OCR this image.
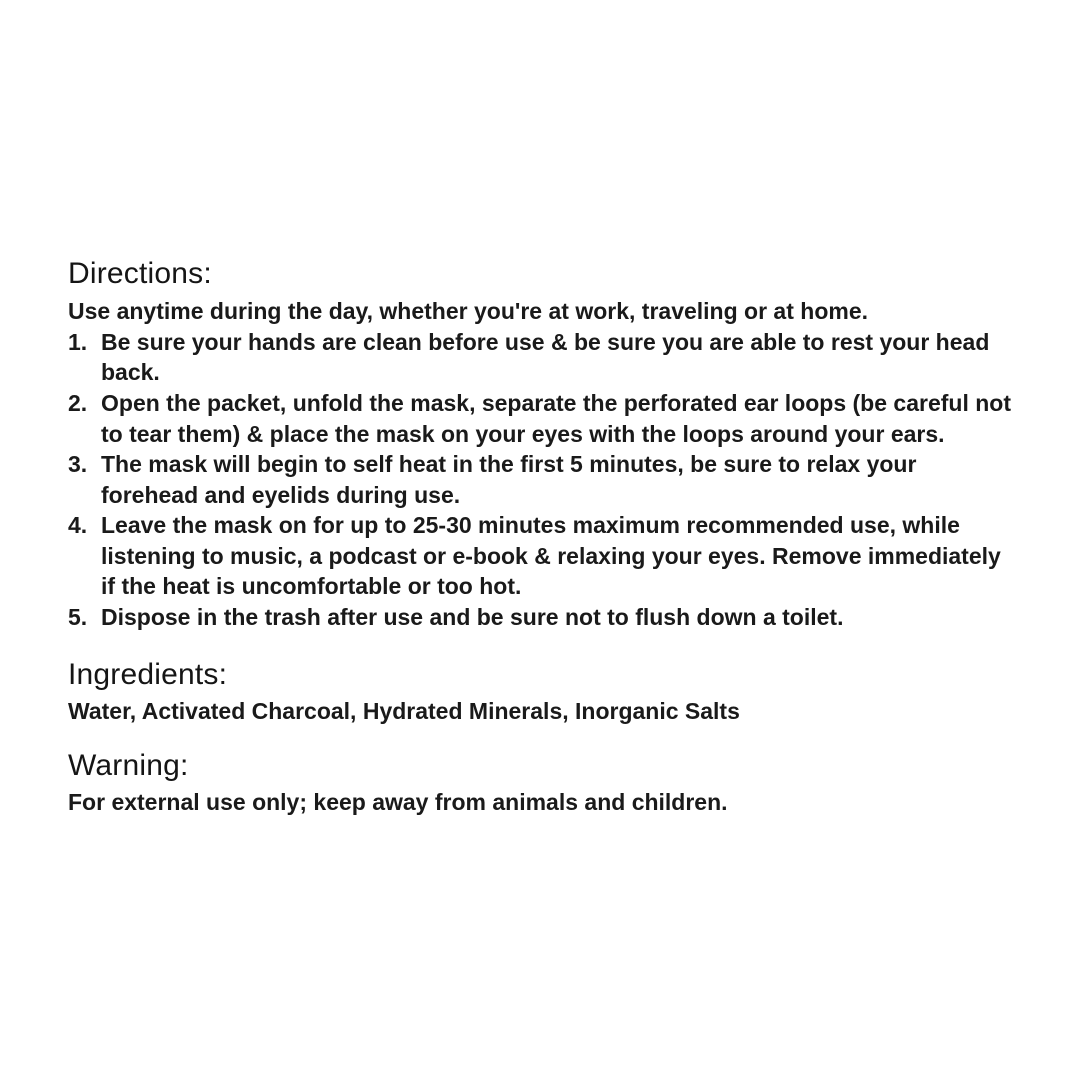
Directions:

Use anytime during the day, whether you're at work, traveling or at home.

1. Be sure your hands are clean before use & be sure you are able to rest your head back.
2. Open the packet, unfold the mask, separate the perforated ear loops (be careful not to tear them) & place the mask on your eyes with the loops around your ears.
3. The mask will begin to self heat in the first 5 minutes, be sure to relax your forehead and eyelids during use.
4. Leave the mask on for up to 25-30 minutes maximum recommended use, while listening to music, a podcast or e-book & relaxing your eyes. Remove immediately if the heat is uncomfortable or too hot.
5. Dispose in the trash after use and be sure not to flush down a toilet.
Ingredients:

Water, Activated Charcoal, Hydrated Minerals, Inorganic Salts

Warning:

For external use only; keep away from animals and children.
